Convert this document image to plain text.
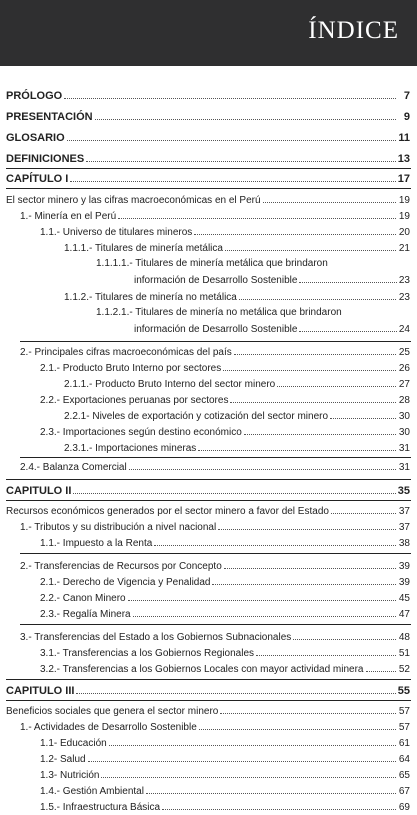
ÍNDICE
PRÓLOGO	7
PRESENTACIÓN	9
GLOSARIO	11
DEFINICIONES	13
CAPÍTULO I	17
El sector minero y las cifras macroeconómicas en el Perú	19
1.- Minería en el Perú	19
1.1.- Universo de titulares mineros	20
1.1.1.- Titulares de minería metálica	21
1.1.1.1.- Titulares de minería metálica que brindaron
información de Desarrollo Sostenible	23
1.1.2.- Titulares de minería no metálica	23
1.1.2.1.- Titulares de minería no metálica que brindaron
información de Desarrollo Sostenible	24
2.- Principales cifras macroeconómicas del país	25
2.1.- Producto Bruto Interno por sectores	26
2.1.1.- Producto Bruto Interno del sector minero	27
2.2.- Exportaciones peruanas por sectores	28
2.2.1- Niveles de exportación y cotización del sector minero	30
2.3.- Importaciones según destino económico	30
2.3.1.- Importaciones mineras	31
2.4.- Balanza Comercial	31
CAPITULO II	35
Recursos económicos generados por el sector minero a favor del Estado	37
1.- Tributos y su distribución a nivel nacional	37
1.1.- Impuesto a la Renta	38
2.- Transferencias de Recursos por Concepto	39
2.1.- Derecho de Vigencia y Penalidad	39
2.2.- Canon Minero	45
2.3.- Regalía Minera	47
3.- Transferencias del Estado a los Gobiernos Subnacionales	48
3.1.- Transferencias a los Gobiernos Regionales	51
3.2.- Transferencias a los Gobiernos Locales con mayor actividad minera	52
CAPITULO III	55
Beneficios sociales que genera el sector minero	57
1.- Actividades de Desarrollo Sostenible	57
1.1- Educación	61
1.2- Salud	64
1.3- Nutrición	65
1.4.- Gestión Ambiental	67
1.5.- Infraestructura Básica	69
